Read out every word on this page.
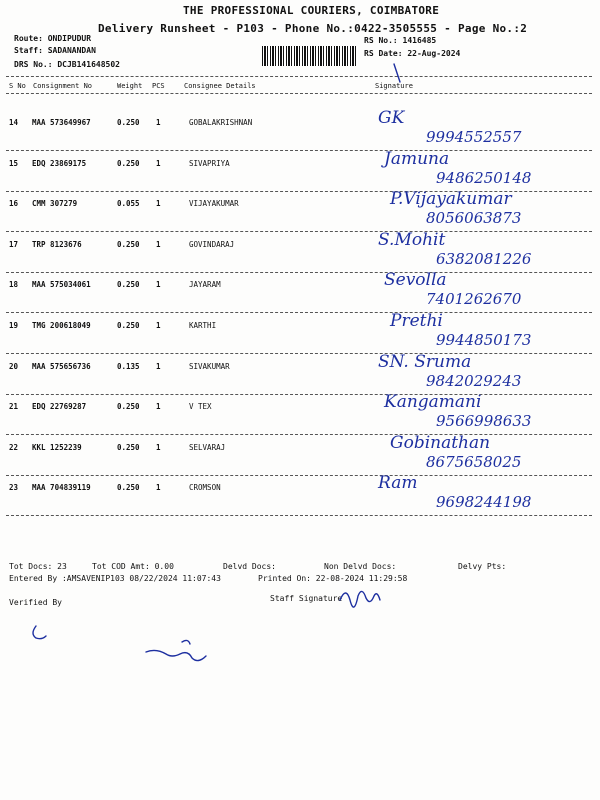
THE PROFESSIONAL COURIERS, COIMBATORE
Delivery Runsheet - P103 - Phone No.:0422-3505555 - Page No.:2
Route: ONDIPUDUR
Staff: SADANANDAN
DRS No.: DCJB141648502
RS No.: 1416485
RS Date: 22-Aug-2024
S No Consignment No	Weight PCS	Consignee Details	Signature
14 MAA 573649967	0.250 1	GOBALAKRISHNAN	GK
9994552557
15 EDQ 23869175	0.250 1	SIVAPRIYA	Jamuna
9486250148
16 CMM 307279	0.055 1	VIJAYAKUMAR	P.Vijayakumar
8056063873
17 TRP 8123676	0.250 1	GOVINDARAJ	S.Mohit
6382081226
18 MAA 575034061	0.250 1	JAYARAM	Sevolla
7401262670
19 TMG 200618049	0.250 1	KARTHI	Prethi
9944850173
20 MAA 575656736	0.135 1	SIVAKUMAR	SN. Sruma
9842029243
21 EDQ 22769287	0.250 1	V TEX	Kangamani
9566998633
22 KKL 1252239	0.250 1	SELVARAJ	Gobinathan
8675658025
23 MAA 704839119	0.250 1	CROMSON	Ram
9698244198
Tot Docs: 23	Tot COD Amt: 0.00	Delvd Docs:	Non Delvd Docs:	Delvy Pts:
Entered By :AMSAVENIP103 08/22/2024 11:07:43	Printed On: 22-08-2024 11:29:58
Verified By	Staff Signature
